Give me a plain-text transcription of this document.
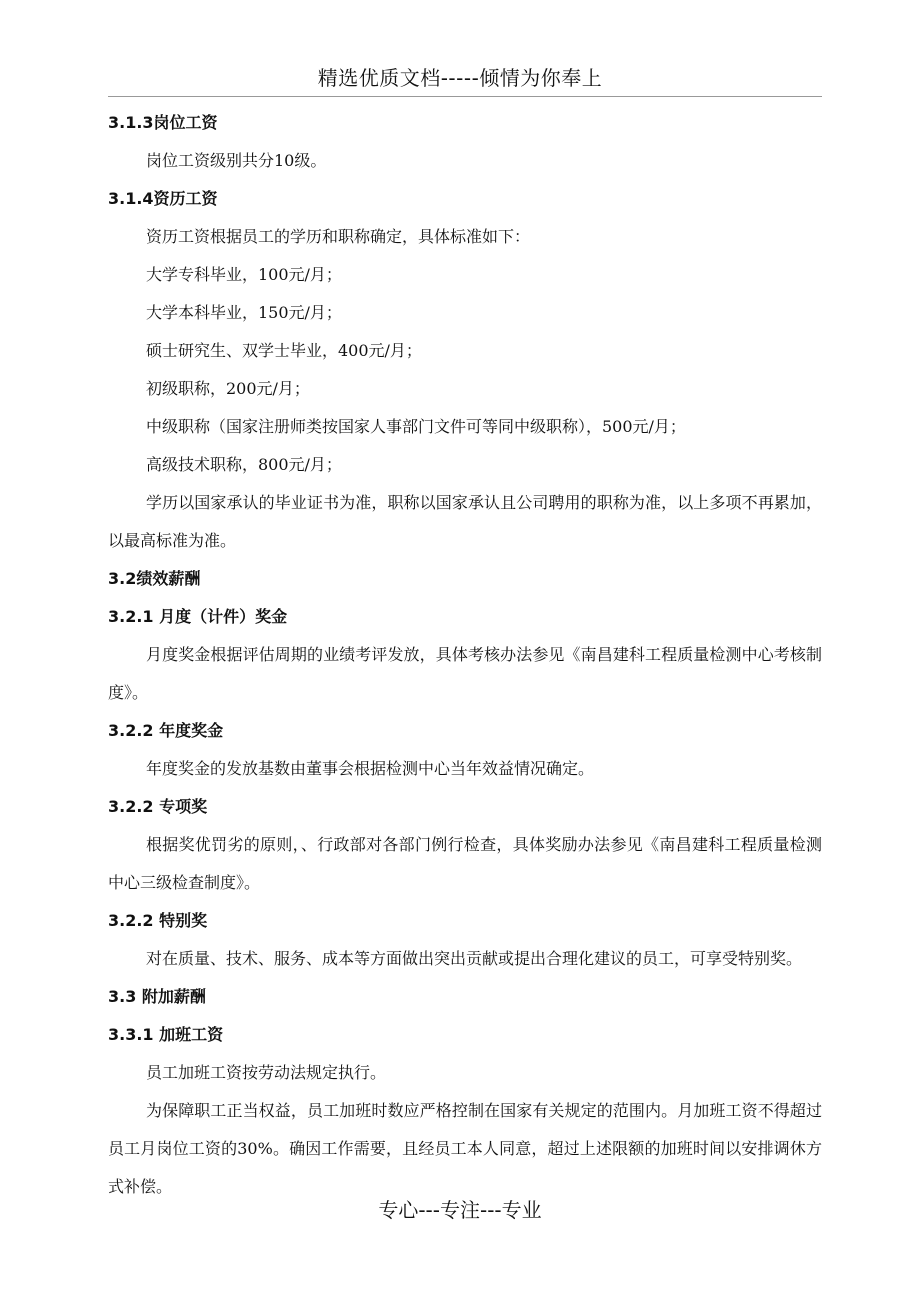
精选优质文档-----倾情为你奉上
3.1.3岗位工资
岗位工资级别共分10级。
3.1.4资历工资
资历工资根据员工的学历和职称确定，具体标准如下：
大学专科毕业，100元/月；
大学本科毕业，150元/月；
硕士研究生、双学士毕业，400元/月；
初级职称，200元/月；
中级职称（国家注册师类按国家人事部门文件可等同中级职称），500元/月；
高级技术职称，800元/月；
学历以国家承认的毕业证书为准，职称以国家承认且公司聘用的职称为准，以上多项不再累加，以最高标准为准。
3.2绩效薪酬
3.2.1 月度（计件）奖金
月度奖金根据评估周期的业绩考评发放，具体考核办法参见《南昌建科工程质量检测中心考核制度》。
3.2.2 年度奖金
年度奖金的发放基数由董事会根据检测中心当年效益情况确定。
3.2.2 专项奖
根据奖优罚劣的原则，、行政部对各部门例行检查，具体奖励办法参见《南昌建科工程质量检测中心三级检查制度》。
3.2.2 特别奖
对在质量、技术、服务、成本等方面做出突出贡献或提出合理化建议的员工，可享受特别奖。
3.3 附加薪酬
3.3.1 加班工资
员工加班工资按劳动法规定执行。
为保障职工正当权益，员工加班时数应严格控制在国家有关规定的范围内。月加班工资不得超过员工月岗位工资的30%。确因工作需要，且经员工本人同意，超过上述限额的加班时间以安排调休方式补偿。
专心---专注---专业
